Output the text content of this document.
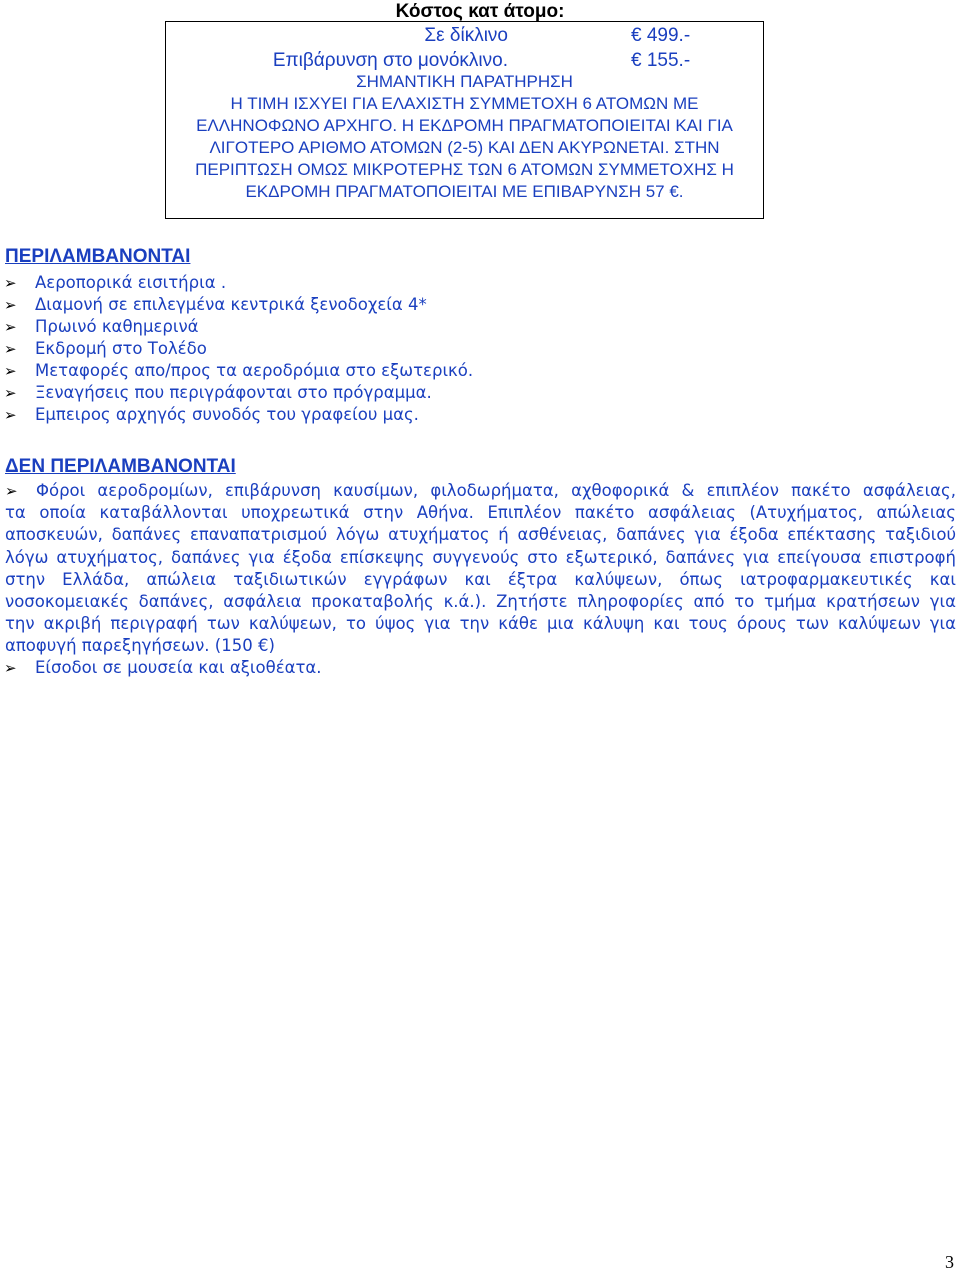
Κόστος κατ άτομο:
Σε δίκλινο	€ 499.-
Επιβάρυνση στο μονόκλινο.	€ 155.-
ΣΗΜΑΝΤΙΚΗ ΠΑΡΑΤΗΡΗΣΗ
Η ΤΙΜΗ ΙΣΧΥΕΙ ΓΙΑ ΕΛΑΧΙΣΤΗ ΣΥΜΜΕΤΟΧΗ 6 ΑΤΟΜΩΝ ΜΕ
ΕΛΛΗΝΟΦΩΝΟ ΑΡΧΗΓΟ. Η ΕΚΔΡΟΜΗ ΠΡΑΓΜΑΤΟΠΟΙΕΙΤΑΙ ΚΑΙ ΓΙΑ
ΛΙΓΟΤΕΡΟ ΑΡΙΘΜΟ ΑΤΟΜΩΝ (2-5) ΚΑΙ ΔΕΝ ΑΚΥΡΩΝΕΤΑΙ. ΣΤΗΝ
ΠΕΡΙΠΤΩΣΗ ΟΜΩΣ ΜΙΚΡΟΤΕΡΗΣ ΤΩΝ 6 ΑΤΟΜΩΝ ΣΥΜΜΕΤΟΧΗΣ Η
ΕΚΔΡΟΜΗ ΠΡΑΓΜΑΤΟΠΟΙΕΙΤΑΙ ΜΕ ΕΠΙΒΑΡΥΝΣΗ 57 €.
ΠΕΡΙΛΑΜΒΑΝΟΝΤΑΙ
➢ Αεροπορικά εισιτήρια .
➢ Διαμονή σε επιλεγμένα κεντρικά ξενοδοχεία 4*
➢ Πρωινό καθημερινά
➢ Εκδρομή στο Τολέδο
➢ Μεταφορές απο/προς τα αεροδρόμια στο εξωτερικό.
➢ Ξεναγήσεις που περιγράφονται στο πρόγραμμα.
➢ Εμπειρος αρχηγός συνοδός του γραφείου μας.
ΔΕΝ ΠΕΡΙΛΑΜΒΑΝΟΝΤΑΙ
➢ Φόροι αεροδρομίων, επιβάρυνση καυσίμων, φιλοδωρήματα, αχθοφορικά & επιπλέον πακέτο ασφάλειας,
τα οποία καταβάλλονται υποχρεωτικά στην Αθήνα. Επιπλέον πακέτο ασφάλειας (Ατυχήματος, απώλειας
αποσκευών, δαπάνες επαναπατρισμού λόγω ατυχήματος ή ασθένειας, δαπάνες για έξοδα επέκτασης ταξιδιού
λόγω ατυχήματος, δαπάνες για έξοδα επίσκεψης συγγενούς στο εξωτερικό, δαπάνες για επείγουσα επιστροφή
στην Ελλάδα, απώλεια ταξιδιωτικών εγγράφων και έξτρα καλύψεων, όπως ιατροφαρμακευτικές και
νοσοκομειακές δαπάνες, ασφάλεια προκαταβολής κ.ά.). Ζητήστε πληροφορίες από το τμήμα κρατήσεων για
την ακριβή περιγραφή των καλύψεων, το ύψος για την κάθε μια κάλυψη και τους όρους των καλύψεων για
αποφυγή παρεξηγήσεων. (150 €)
➢ Είσοδοι σε μουσεία και αξιοθέατα.
3
